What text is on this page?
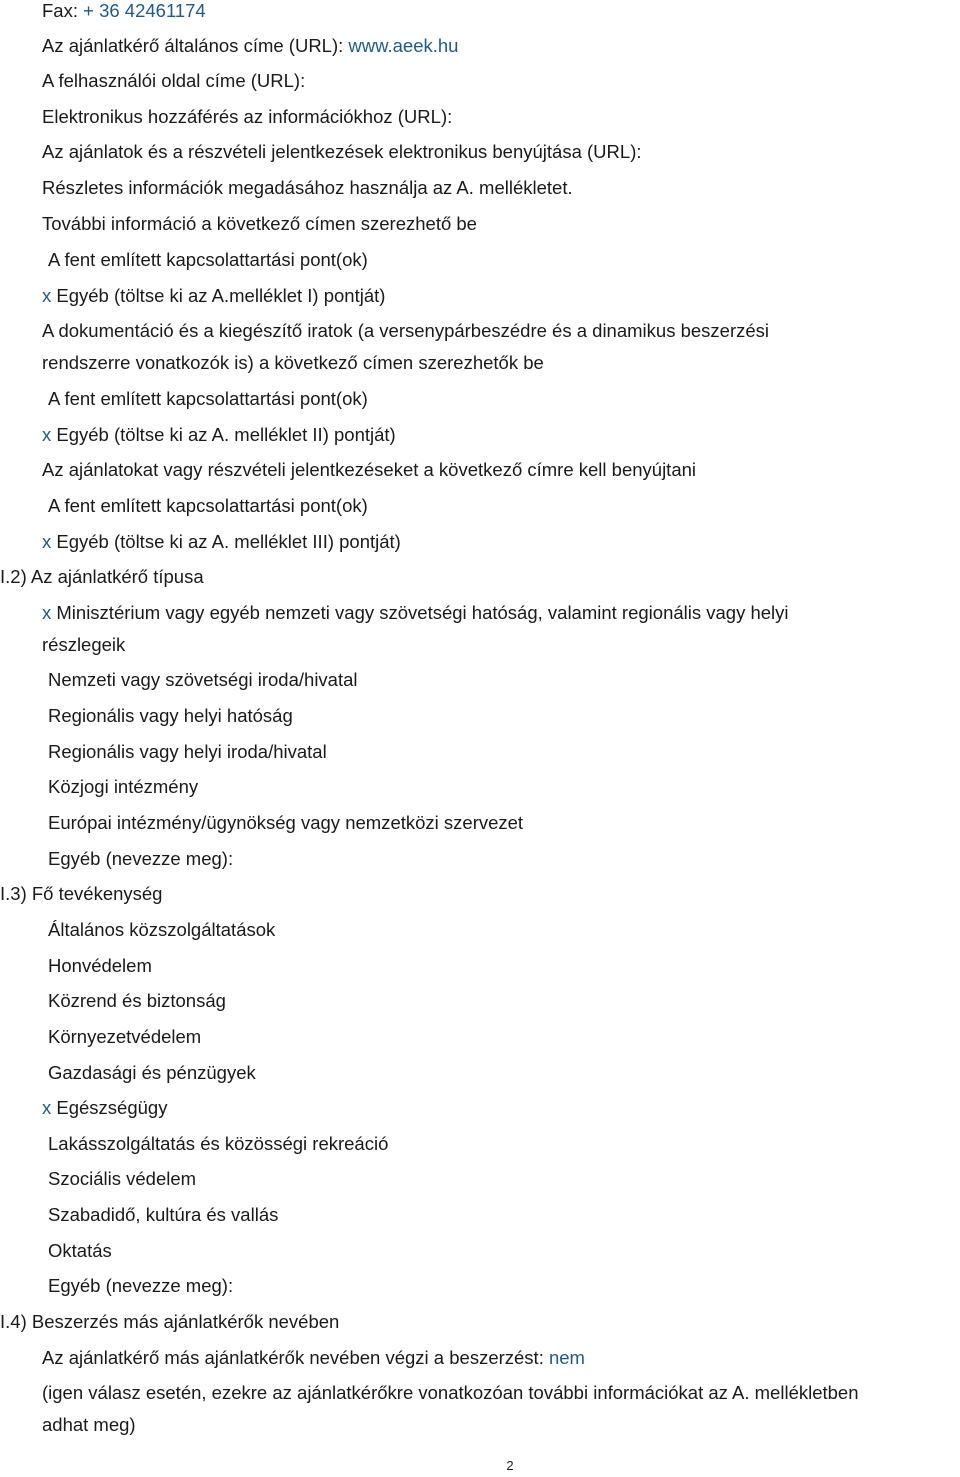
Fax: + 36 42461174
Az ajánlatkérő általános címe (URL): www.aeek.hu
A felhasználói oldal címe (URL):
Elektronikus hozzáférés az információkhoz (URL):
Az ajánlatok és a részvételi jelentkezések elektronikus benyújtása (URL):
Részletes információk megadásához használja az A. mellékletet.
További információ a következő címen szerezhető be
A fent említett kapcsolattartási pont(ok)
x Egyéb (töltse ki az A.melléklet I) pontját)
A dokumentáció és a kiegészítő iratok (a versenypárbeszédre és a dinamikus beszerzési
rendszerre vonatkozók is) a következő címen szerezhetők be
A fent említett kapcsolattartási pont(ok)
x Egyéb (töltse ki az A. melléklet II) pontját)
Az ajánlatokat vagy részvételi jelentkezéseket a következő címre kell benyújtani
A fent említett kapcsolattartási pont(ok)
x Egyéb (töltse ki az A. melléklet III) pontját)
I.2) Az ajánlatkérő típusa
x Minisztérium vagy egyéb nemzeti vagy szövetségi hatóság, valamint regionális vagy helyi
részlegeik
Nemzeti vagy szövetségi iroda/hivatal
Regionális vagy helyi hatóság
Regionális vagy helyi iroda/hivatal
Közjogi intézmény
Európai intézmény/ügynökség vagy nemzetközi szervezet
Egyéb (nevezze meg):
I.3) Fő tevékenység
Általános közszolgáltatások
Honvédelem
Közrend és biztonság
Környezetvédelem
Gazdasági és pénzügyek
x Egészségügy
Lakásszolgáltatás és közösségi rekreáció
Szociális védelem
Szabadidő, kultúra és vallás
Oktatás
Egyéb (nevezze meg):
I.4) Beszerzés más ajánlatkérők nevében
Az ajánlatkérő más ajánlatkérők nevében végzi a beszerzést: nem
(igen válasz esetén, ezekre az ajánlatkérőkre vonatkozóan további információkat az A. mellékletben
adhat meg)
2
